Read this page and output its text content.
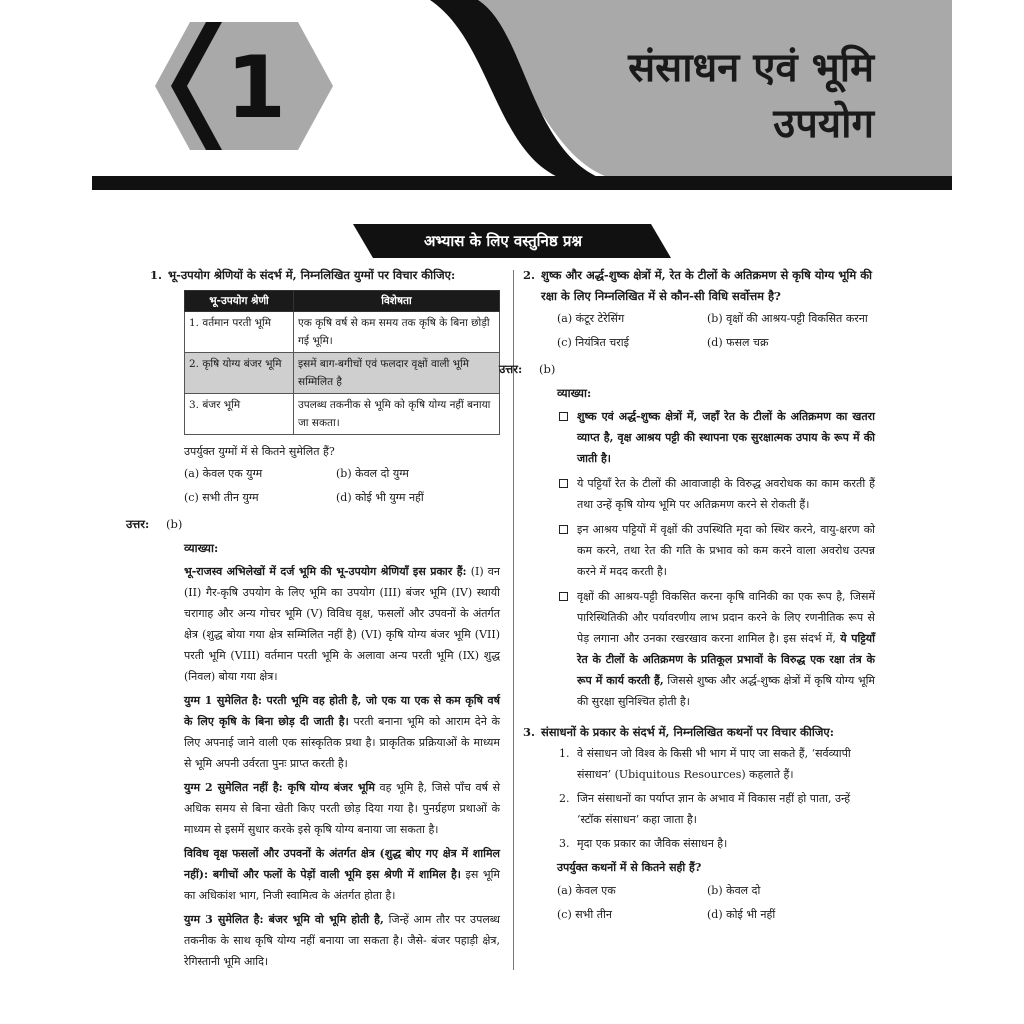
1	संसाधन एवं भूमि
उपयोग
अभ्यास के लिए वस्तुनिष्ठ प्रश्न
1. भू-उपयोग श्रेणियों के संदर्भ में, निम्नलिखित युग्मों पर विचार कीजिए:
भू-उपयोग श्रेणी	विशेषता
1. वर्तमान परती भूमि	एक कृषि वर्ष से कम समय तक कृषि के बिना छोड़ी गई भूमि।
2. कृषि योग्य बंजर भूमि	इसमें बाग-बगीचों एवं फलदार वृक्षों वाली भूमि सम्मिलित है
3. बंजर भूमि	उपलब्ध तकनीक से भूमि को कृषि योग्य नहीं बनाया जा सकता।
उपर्युक्त युग्मों में से कितने सुमेलित हैं?
(a) केवल एक युग्म	(b) केवल दो युग्म
(c) सभी तीन युग्म	(d) कोई भी युग्म नहीं
उत्तर:	(b)
व्याख्या:
भू-राजस्व अभिलेखों में दर्ज भूमि की भू-उपयोग श्रेणियाँ इस प्रकार हैं: (I) वन (II) गैर-कृषि उपयोग के लिए भूमि का उपयोग (III) बंजर भूमि (IV) स्थायी चरागाह और अन्य गोचर भूमि (V) विविध वृक्ष, फसलों और उपवनों के अंतर्गत क्षेत्र (शुद्ध बोया गया क्षेत्र सम्मिलित नहीं है) (VI) कृषि योग्य बंजर भूमि (VII) परती भूमि (VIII) वर्तमान परती भूमि के अलावा अन्य परती भूमि (IX) शुद्ध (निवल) बोया गया क्षेत्र।
युग्म 1 सुमेलित है: परती भूमि वह होती है, जो एक या एक से कम कृषि वर्ष के लिए कृषि के बिना छोड़ दी जाती है। परती बनाना भूमि को आराम देने के लिए अपनाई जाने वाली एक सांस्कृतिक प्रथा है। प्राकृतिक प्रक्रियाओं के माध्यम से भूमि अपनी उर्वरता पुनः प्राप्त करती है।
युग्म 2 सुमेलित नहीं है: कृषि योग्य बंजर भूमि वह भूमि है, जिसे पाँच वर्ष से अधिक समय से बिना खेती किए परती छोड़ दिया गया है। पुनर्ग्रहण प्रथाओं के माध्यम से इसमें सुधार करके इसे कृषि योग्य बनाया जा सकता है।
विविध वृक्ष फसलों और उपवनों के अंतर्गत क्षेत्र (शुद्ध बोए गए क्षेत्र में शामिल नहीं): बगीचों और फलों के पेड़ों वाली भूमि इस श्रेणी में शामिल है। इस भूमि का अधिकांश भाग, निजी स्वामित्व के अंतर्गत होता है।
युग्म 3 सुमेलित है: बंजर भूमि वो भूमि होती है, जिन्हें आम तौर पर उपलब्ध तकनीक के साथ कृषि योग्य नहीं बनाया जा सकता है। जैसे- बंजर पहाड़ी क्षेत्र, रेगिस्तानी भूमि आदि।
2. शुष्क और अर्द्ध-शुष्क क्षेत्रों में, रेत के टीलों के अतिक्रमण से कृषि योग्य भूमि की रक्षा के लिए निम्नलिखित में से कौन-सी विधि सर्वोत्तम है?
(a) कंटूर टेरेसिंग	(b) वृक्षों की आश्रय-पट्टी विकसित करना
(c) नियंत्रित चराई	(d) फसल चक्र
उत्तर:	(b)
व्याख्या:
शुष्क एवं अर्द्ध-शुष्क क्षेत्रों में, जहाँ रेत के टीलों के अतिक्रमण का खतरा व्याप्त है, वृक्ष आश्रय पट्टी की स्थापना एक सुरक्षात्मक उपाय के रूप में की जाती है।
ये पट्टियाँ रेत के टीलों की आवाजाही के विरुद्ध अवरोधक का काम करती हैं तथा उन्हें कृषि योग्य भूमि पर अतिक्रमण करने से रोकती हैं।
इन आश्रय पट्टियों में वृक्षों की उपस्थिति मृदा को स्थिर करने, वायु-क्षरण को कम करने, तथा रेत की गति के प्रभाव को कम करने वाला अवरोध उत्पन्न करने में मदद करती है।
वृक्षों की आश्रय-पट्टी विकसित करना कृषि वानिकी का एक रूप है, जिसमें पारिस्थितिकी और पर्यावरणीय लाभ प्रदान करने के लिए रणनीतिक रूप से पेड़ लगाना और उनका रखरखाव करना शामिल है। इस संदर्भ में, ये पट्टियाँ रेत के टीलों के अतिक्रमण के प्रतिकूल प्रभावों के विरुद्ध एक रक्षा तंत्र के रूप में कार्य करती हैं, जिससे शुष्क और अर्द्ध-शुष्क क्षेत्रों में कृषि योग्य भूमि की सुरक्षा सुनिश्चित होती है।
3. संसाधनों के प्रकार के संदर्भ में, निम्नलिखित कथनों पर विचार कीजिए:
1. वे संसाधन जो विश्व के किसी भी भाग में पाए जा सकते हैं, ‘सर्वव्यापी संसाधन’ (Ubiquitous Resources) कहलाते हैं।
2. जिन संसाधनों का पर्याप्त ज्ञान के अभाव में विकास नहीं हो पाता, उन्हें ‘स्टॉक संसाधन’ कहा जाता है।
3. मृदा एक प्रकार का जैविक संसाधन है।
उपर्युक्त कथनों में से कितने सही हैं?
(a) केवल एक	(b) केवल दो
(c) सभी तीन	(d) कोई भी नहीं
